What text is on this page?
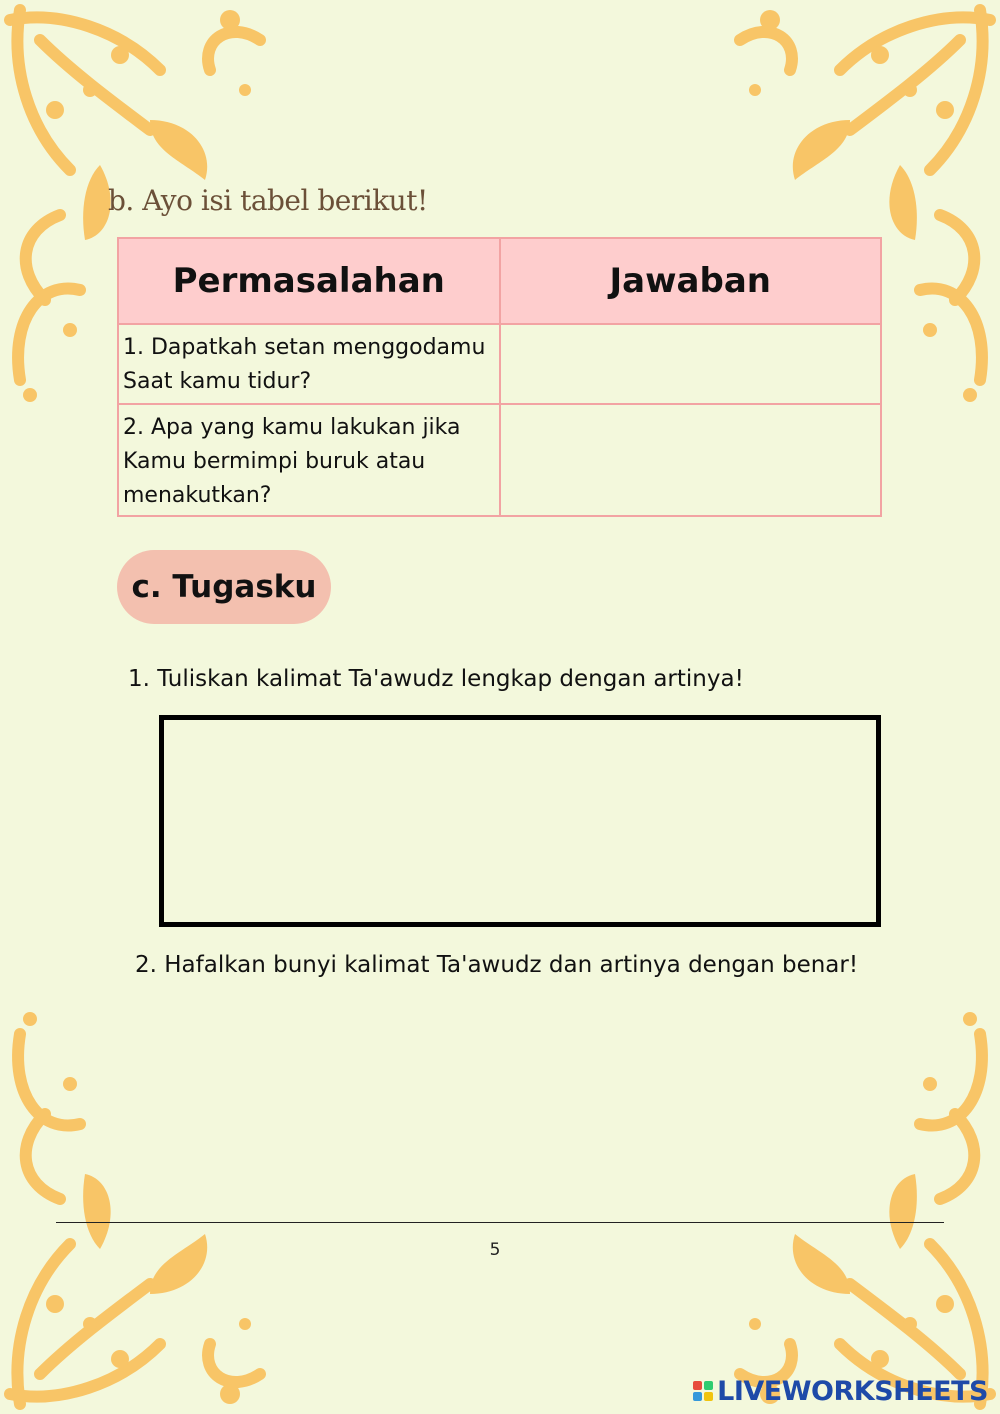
b. Ayo isi tabel berikut!
Permasalahan	Jawaban
1. Dapatkah setan menggodamu
Saat kamu tidur?	
2. Apa yang kamu lakukan jika
Kamu bermimpi buruk atau
menakutkan?	
c. Tugasku
1. Tuliskan kalimat Ta'awudz lengkap dengan artinya!
2. Hafalkan bunyi kalimat Ta'awudz dan artinya dengan benar!
5
LIVEWORKSHEETS
